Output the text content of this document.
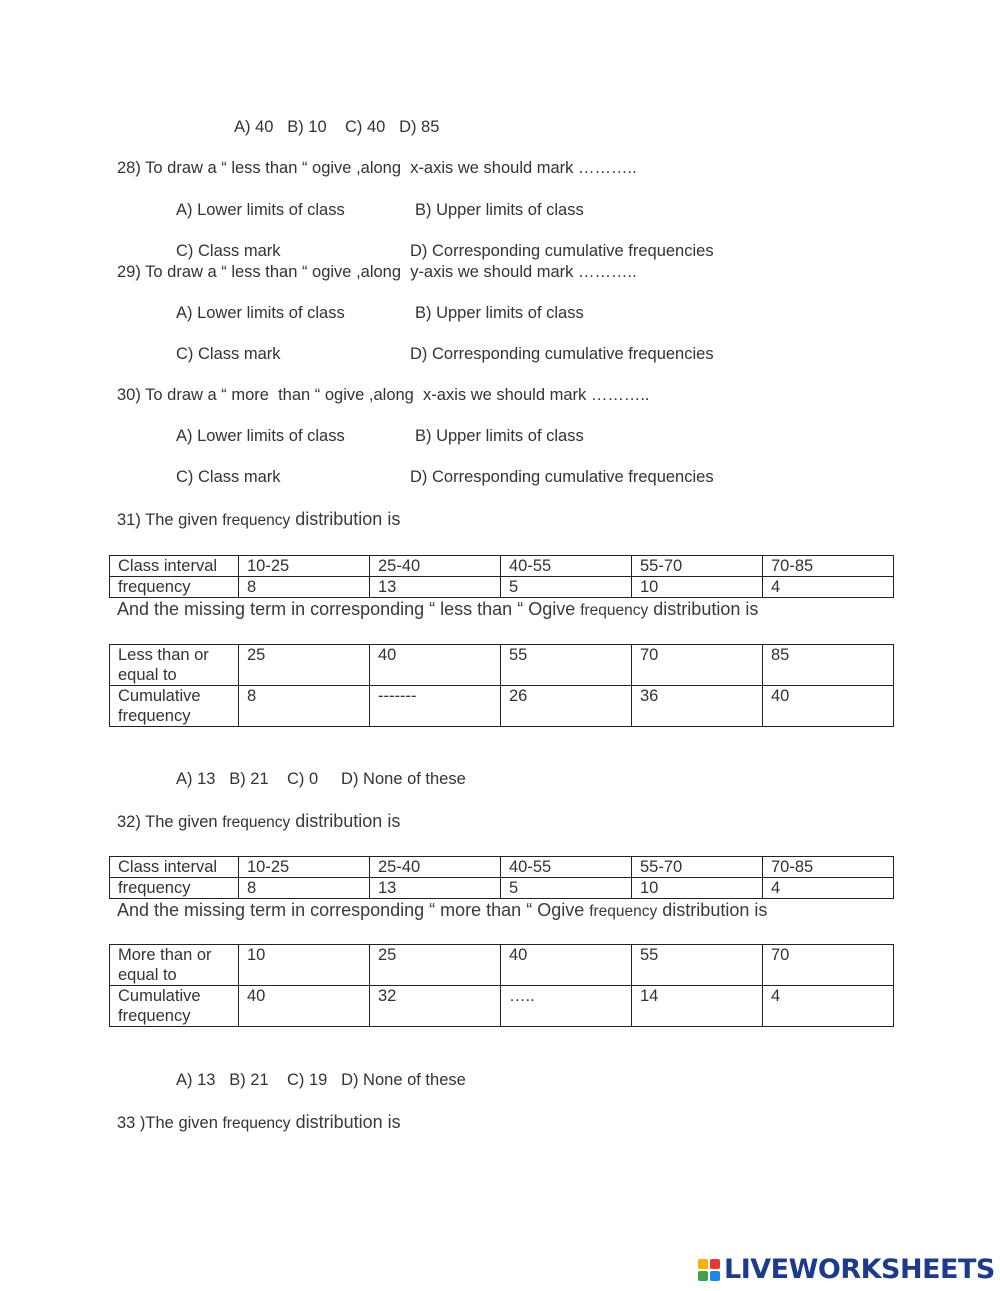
A) 40   B) 10    C) 40   D) 85
28) To draw a “ less than “ ogive ,along  x-axis we should mark ………..
A) Lower limits of class	B) Upper limits of class
C) Class mark	D) Corresponding cumulative frequencies
29) To draw a “ less than “ ogive ,along  y-axis we should mark ………..
A) Lower limits of class	B) Upper limits of class
C) Class mark	D) Corresponding cumulative frequencies
30) To draw a “ more  than “ ogive ,along  x-axis we should mark ………..
A) Lower limits of class	B) Upper limits of class
C) Class mark	D) Corresponding cumulative frequencies
31) The given frequency distribution is
Class interval	10-25	25-40	40-55	55-70	70-85
frequency	8	13	5	10	4
And the missing term in corresponding “ less than “ Ogive frequency distribution is
Less than or equal to	25	40	55	70	85
Cumulative frequency	8	-------	26	36	40
A) 13   B) 21    C) 0     D) None of these
32) The given frequency distribution is
Class interval	10-25	25-40	40-55	55-70	70-85
frequency	8	13	5	10	4
And the missing term in corresponding “ more than “ Ogive frequency distribution is
More than or equal to	10	25	40	55	70
Cumulative frequency	40	32	…..	14	4
A) 13   B) 21    C) 19   D) None of these
33 )The given frequency distribution is
LIVEWORKSHEETS
